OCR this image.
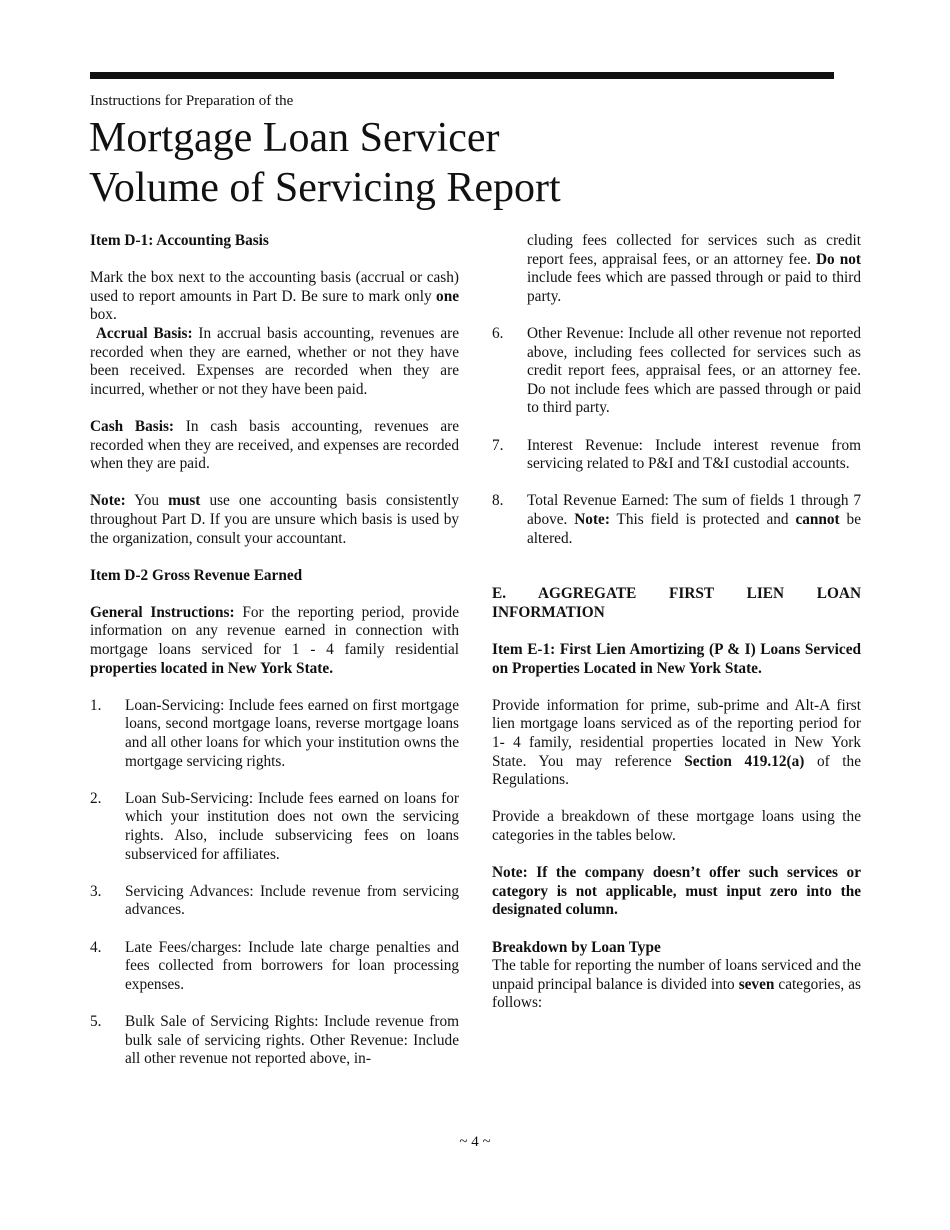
Instructions for Preparation of the
Mortgage Loan Servicer
Volume of Servicing Report
Item D-1: Accounting Basis

Mark the box next to the accounting basis (accrual or cash) used to report amounts in Part D. Be sure to mark only one box.

Accrual Basis: In accrual basis accounting, revenues are recorded when they are earned, whether or not they have been received. Expenses are recorded when they are incurred, whether or not they have been paid.

Cash Basis: In cash basis accounting, revenues are recorded when they are received, and expenses are recorded when they are paid.

Note: You must use one accounting basis consistently throughout Part D. If you are unsure which basis is used by the organization, consult your accountant.

Item D-2 Gross Revenue Earned

General Instructions: For the reporting period, provide information on any revenue earned in connection with mortgage loans serviced for 1 - 4 family residential properties located in New York State.

1. Loan-Servicing: Include fees earned on first mortgage loans, second mortgage loans, reverse mortgage loans and all other loans for which your institution owns the mortgage servicing rights.
2. Loan Sub-Servicing: Include fees earned on loans for which your institution does not own the servicing rights. Also, include subservicing fees on loans subserviced for affiliates.
3. Servicing Advances: Include revenue from servicing advances.
4. Late Fees/charges: Include late charge penalties and fees collected from borrowers for loan processing expenses.
5. Bulk Sale of Servicing Rights: Include revenue from bulk sale of servicing rights. Other Revenue: Include all other revenue not reported above, in-
cluding fees collected for services such as credit report fees, appraisal fees, or an attorney fee. Do not include fees which are passed through or paid to third party.
6. Other Revenue: Include all other revenue not reported above, including fees collected for services such as credit report fees, appraisal fees, or an attorney fee. Do not include fees which are passed through or paid to third party.
7. Interest Revenue: Include interest revenue from servicing related to P&I and T&I custodial accounts.
8. Total Revenue Earned: The sum of fields 1 through 7 above. Note: This field is protected and cannot be altered.
E. AGGREGATE FIRST LIEN LOAN INFORMATION
Item E-1: First Lien Amortizing (P & I) Loans Serviced on Properties Located in New York State.

Provide information for prime, sub-prime and Alt-A first lien mortgage loans serviced as of the reporting period for 1- 4 family, residential properties located in New York State. You may reference Section 419.12(a) of the Regulations.

Provide a breakdown of these mortgage loans using the categories in the tables below.

Note: If the company doesn’t offer such services or category is not applicable, must input zero into the designated column.

Breakdown by Loan Type

The table for reporting the number of loans serviced and the unpaid principal balance is divided into seven categories, as follows:

~ 4 ~
